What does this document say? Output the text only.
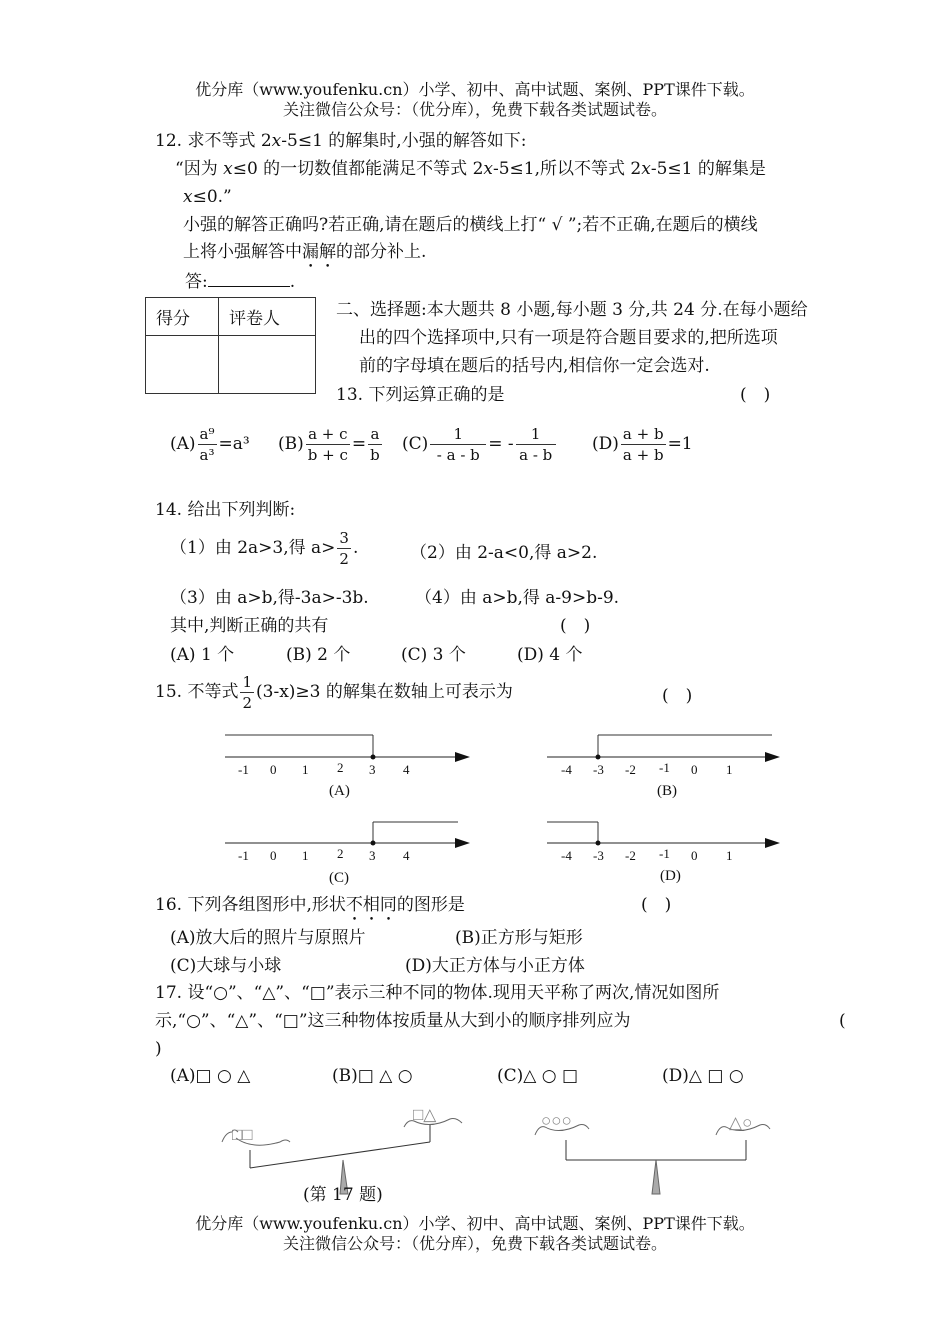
优分库（www.youfenku.cn）小学、初中、高中试题、案例、PPT课件下载。
关注微信公众号：（优分库），免费下载各类试题试卷。
12. 求不等式 2x-5≤1 的解集时,小强的解答如下:
“因为 x≤0 的一切数值都能满足不等式 2x-5≤1,所以不等式 2x-5≤1 的解集是
x≤0.”
小强的解答正确吗?若正确,请在题后的横线上打“ √ ”;若不正确,在题后的横线
上将小强解答中漏解的部分补上.
答:	.
得分	评卷人
		二、选择题:本大题共 8 小题,每小题 3 分,共 24 分.在每小题给
出的四个选择项中,只有一项是符合题目要求的,把所选项
前的字母填在题后的括号内,相信你一定会选对.
13. 下列运算正确的是	(　)
$(A) \frac{\text{a⁹}}{\text{a³}} =a^3$ $(B) \frac{a + c}{b + c} = \frac{a}{b} (C) \frac{1}{- a - b}$ = - $\frac{1}{a - b} (D) \frac{a + b}{a + b} =1$
14. 给出下列判断:
（1）由 2a>3,得 $a> \frac{3}{2}$ .	（2）由 2-a<0,得 a>2.
（3）由 a>b,得-3a>-3b.	（4）由 a>b,得 a-9>b-9.
其中,判断正确的共有	(　)
(A) 1 个	(B) 2 个	(C) 3 个	(D) 4 个
15. 不等式 $\frac{1}{2} (3-x)\ge 3$ 的解集在数轴上可表示为	(　)
-1 0 1 2 3 4
(A)
-4 -3 -2 -1 0 1
(B)
-1 0 1 2 3 4
(C)
-4 -3 -2 -1 0 1
(D)
□□
□△	○○○	△○
16. 下列各组图形中,形状不相同的图形是	(　)
(A)放大后的照片与原照片	(B)正方形与矩形
(C)大球与小球	(D)大正方体与小正方体
17. 设“○”、“△”、“□”表示三种不同的物体.现用天平称了两次,情况如图所
示,“○”、“△”、“□”这三种物体按质量从大到小的顺序排列应为	(
)
(A)□ ○ △	(B)□ △ ○	(C)△ ○ □	(D)△ □ ○
(第 17 题)
优分库（www.youfenku.cn）小学、初中、高中试题、案例、PPT课件下载。
关注微信公众号：（优分库），免费下载各类试题试卷。
